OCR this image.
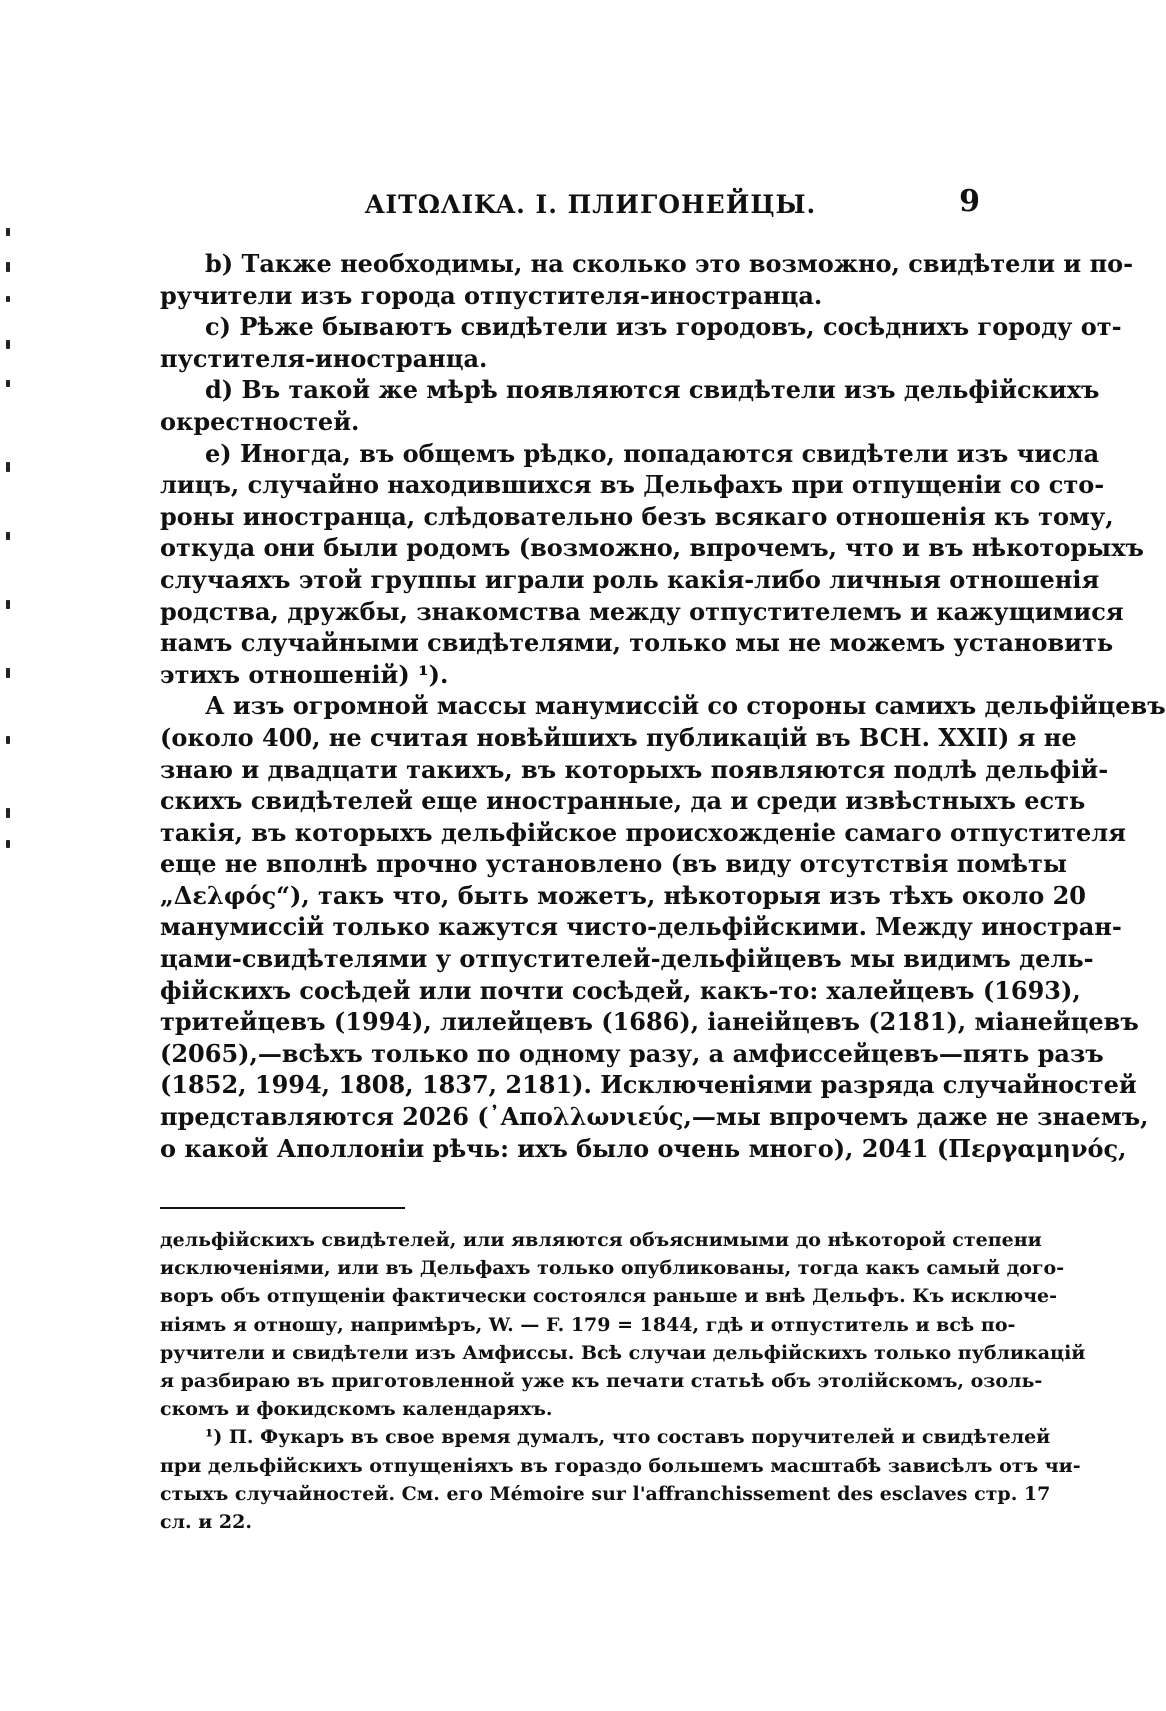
AITΩΛIKA. I. ПЛИГОНЕЙЦЫ.	9
b) Также необходимы, на сколько это возможно, свидѣтели и по-
ручители изъ города отпустителя-иностранца.
c) Рѣже бываютъ свидѣтели изъ городовъ, сосѣднихъ городу от-
пустителя-иностранца.
d) Въ такой же мѣрѣ появляются свидѣтели изъ дельфійскихъ
окрестностей.
e) Иногда, въ общемъ рѣдко, попадаются свидѣтели изъ числа
лицъ, случайно находившихся въ Дельфахъ при отпущеніи со сто-
роны иностранца, слѣдовательно безъ всякаго отношенія къ тому,
откуда они были родомъ (возможно, впрочемъ, что и въ нѣкоторыхъ
случаяхъ этой группы играли роль какія-либо личныя отношенія
родства, дружбы, знакомства между отпустителемъ и кажущимися
намъ случайными свидѣтелями, только мы не можемъ установить
этихъ отношеній) ¹).
А изъ огромной массы манумиссій со стороны самихъ дельфійцевъ
(около 400, не считая новѣйшихъ публикацій въ BCH. XXII) я не
знаю и двадцати такихъ, въ которыхъ появляются подлѣ дельфій-
скихъ свидѣтелей еще иностранные, да и среди извѣстныхъ есть
такія, въ которыхъ дельфійское происхожденіе самаго отпустителя
еще не вполнѣ прочно установлено (въ виду отсутствія помѣты
„Δελφός“), такъ что, быть можетъ, нѣкоторыя изъ тѣхъ около 20
манумиссій только кажутся чисто-дельфійскими. Между иностран-
цами-свидѣтелями у отпустителей-дельфійцевъ мы видимъ дель-
фійскихъ сосѣдей или почти сосѣдей, какъ-то: халейцевъ (1693),
тритейцевъ (1994), лилейцевъ (1686), іанеійцевъ (2181), міанейцевъ
(2065),—всѣхъ только по одному разу, а амфиссейцевъ—пять разъ
(1852, 1994, 1808, 1837, 2181). Исключеніями разряда случайностей
представляются 2026 (᾿Απολλωνιεύς,—мы впрочемъ даже не знаемъ,
о какой Аполлоніи рѣчь: ихъ было очень много), 2041 (Περγαμηνός,
дельфійскихъ свидѣтелей, или являются объяснимыми до нѣкоторой степени
исключеніями, или въ Дельфахъ только опубликованы, тогда какъ самый дого-
воръ объ отпущеніи фактически состоялся раньше и внѣ Дельфъ. Къ исключе-
ніямъ я отношу, напримѣръ, W. — F. 179 = 1844, гдѣ и отпуститель и всѣ по-
ручители и свидѣтели изъ Амфиссы. Всѣ случаи дельфійскихъ только публикацій
я разбираю въ приготовленной уже къ печати статьѣ объ этолійскомъ, озоль-
скомъ и фокидскомъ календаряхъ.
¹) П. Фукаръ въ свое время думалъ, что составъ поручителей и свидѣтелей
при дельфійскихъ отпущеніяхъ въ гораздо большемъ масштабѣ зависѣлъ отъ чи-
стыхъ случайностей. См. его Mémoire sur l'affranchissement des esclaves стр. 17
сл. и 22.
